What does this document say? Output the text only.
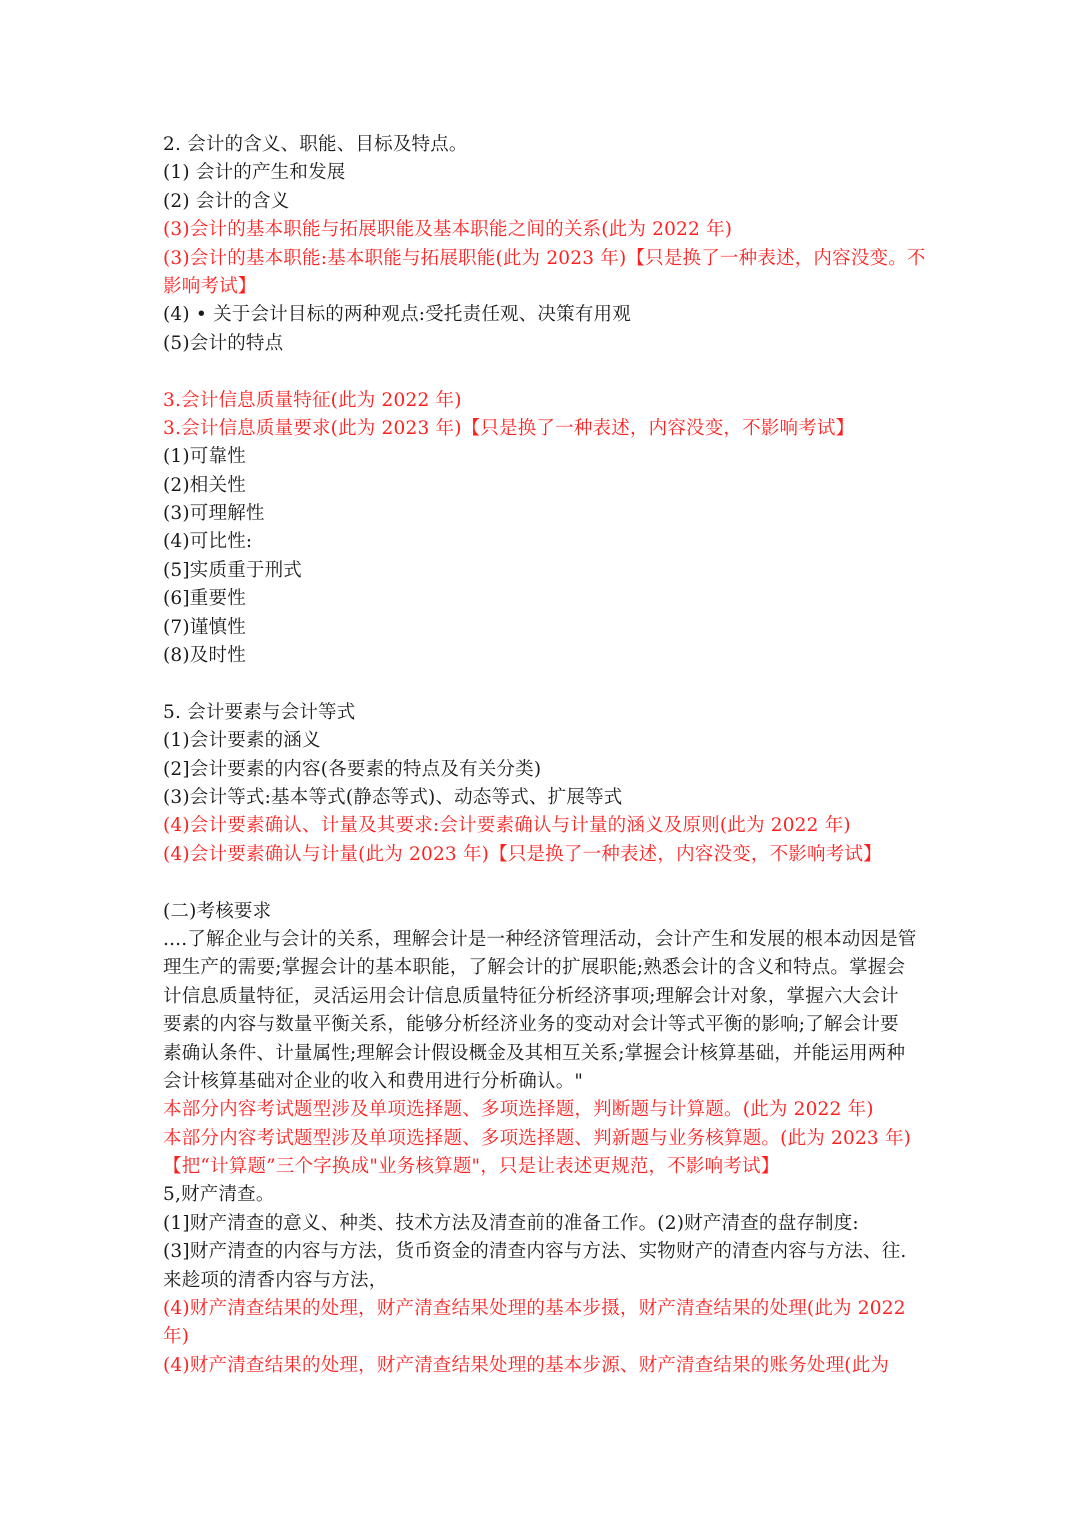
2. 会计的含义、职能、目标及特点。
(1) 会计的产生和发展
(2) 会计的含义
(3)会计的基本职能与拓展职能及基本职能之间的关系(此为 2022 年)
(3)会计的基本职能:基本职能与拓展职能(此为 2023 年)【只是换了一种表述，内容没变。不
影响考试】
(4) • 关于会计目标的两种观点:受托责任观、决策有用观
(5)会计的特点
3.会计信息质量特征(此为 2022 年)
3.会计信息质量要求(此为 2023 年)【只是换了一种表述，内容没变，不影响考试】
(1)可靠性
(2)相关性
(3)可理解性
(4)可比性:
(5]实质重于刑式
(6]重要性
(7)谨慎性
(8)及时性
5. 会计要素与会计等式
(1)会计要素的涵义
(2]会计要素的内容(各要素的特点及有关分类)
(3)会计等式:基本等式(静态等式)、动态等式、扩展等式
(4)会计要素确认、计量及其要求:会计要素确认与计量的涵义及原则(此为 2022 年)
(4)会计要素确认与计量(此为 2023 年)【只是换了一种表述，内容没变，不影响考试】
(二)考核要求
....了解企业与会计的关系，理解会计是一种经济管理活动，会计产生和发展的根本动因是管
理生产的需要;掌握会计的基本职能，了解会计的扩展职能;熟悉会计的含义和特点。掌握会
计信息质量特征，灵活运用会计信息质量特征分析经济事项;理解会计对象，掌握六大会计
要素的内容与数量平衡关系，能够分析经济业务的变动对会计等式平衡的影响;了解会计要
素确认条件、计量属性;理解会计假设概金及其相互关系;掌握会计核算基础，并能运用两种
会计核算基础对企业的收入和费用进行分析确认。"
本部分内容考试题型涉及单项选择题、多项选择题，判断题与计算题。(此为 2022 年)
本部分内容考试题型涉及单项选择题、多项选择题、判新题与业务核算题。(此为 2023 年)
【把“计算题”三个字换成"业务核算题"，只是让表述更规范，不影响考试】
5,财产清查。
(1]财产清查的意义、种类、技术方法及清查前的准备工作。(2)财产清查的盘存制度:
(3]财产清查的内容与方法，货币资金的清查内容与方法、实物财产的清查内容与方法、往.
来趁项的清香内容与方法，
(4)财产清查结果的处理，财产清查结果处理的基本步摄，财产清查结果的处理(此为 2022
年)
(4)财产清查结果的处理，财产清查结果处理的基本步源、财产清查结果的账务处理(此为
